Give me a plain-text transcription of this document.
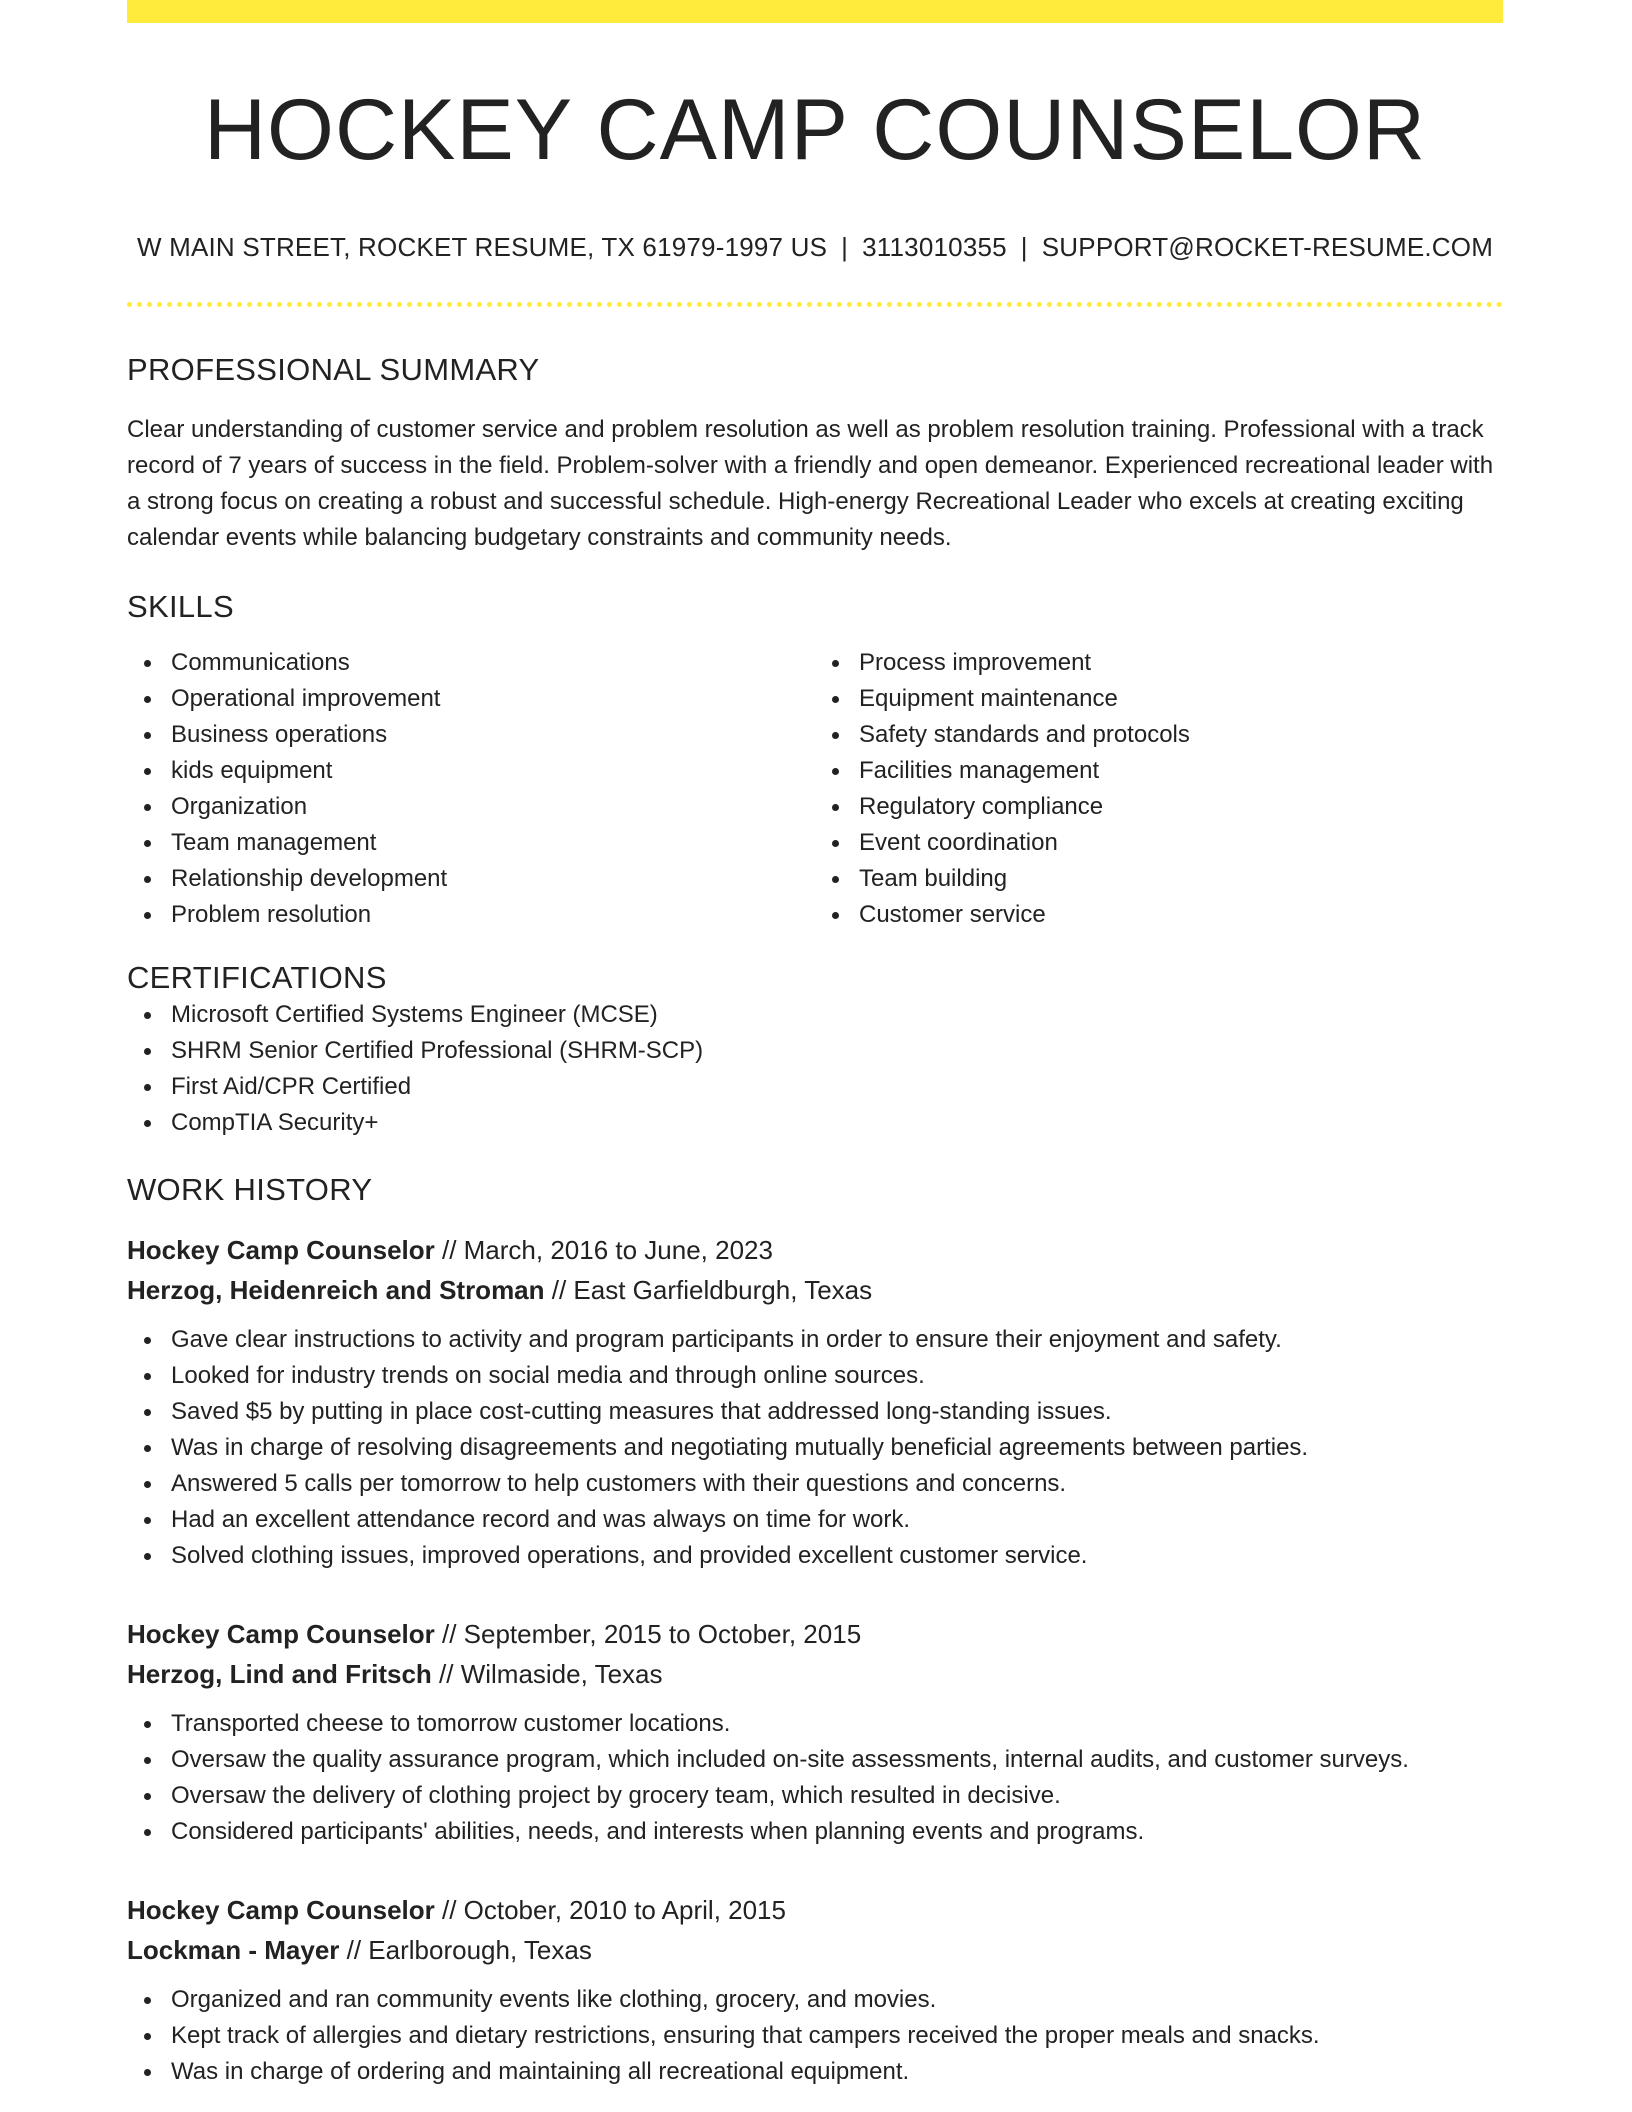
HOCKEY CAMP COUNSELOR
W MAIN STREET, ROCKET RESUME, TX 61979-1997 US | 3113010355 | SUPPORT@ROCKET-RESUME.COM
PROFESSIONAL SUMMARY

Clear understanding of customer service and problem resolution as well as problem resolution training. Professional with a track record of 7 years of success in the field. Problem-solver with a friendly and open demeanor. Experienced recreational leader with a strong focus on creating a robust and successful schedule. High-energy Recreational Leader who excels at creating exciting calendar events while balancing budgetary constraints and community needs.

SKILLS
Communications
Operational improvement
Business operations
kids equipment
Organization
Team management
Relationship development
Problem resolution
Process improvement
Equipment maintenance
Safety standards and protocols
Facilities management
Regulatory compliance
Event coordination
Team building
Customer service
CERTIFICATIONS
Microsoft Certified Systems Engineer (MCSE)
SHRM Senior Certified Professional (SHRM-SCP)
First Aid/CPR Certified
CompTIA Security+
WORK HISTORY
Hockey Camp Counselor // March, 2016 to June, 2023
Herzog, Heidenreich and Stroman // East Garfieldburgh, Texas
Gave clear instructions to activity and program participants in order to ensure their enjoyment and safety.
Looked for industry trends on social media and through online sources.
Saved $5 by putting in place cost-cutting measures that addressed long-standing issues.
Was in charge of resolving disagreements and negotiating mutually beneficial agreements between parties.
Answered 5 calls per tomorrow to help customers with their questions and concerns.
Had an excellent attendance record and was always on time for work.
Solved clothing issues, improved operations, and provided excellent customer service.
Hockey Camp Counselor // September, 2015 to October, 2015
Herzog, Lind and Fritsch // Wilmaside, Texas
Transported cheese to tomorrow customer locations.
Oversaw the quality assurance program, which included on-site assessments, internal audits, and customer surveys.
Oversaw the delivery of clothing project by grocery team, which resulted in decisive.
Considered participants' abilities, needs, and interests when planning events and programs.
Hockey Camp Counselor // October, 2010 to April, 2015
Lockman - Mayer // Earlborough, Texas
Organized and ran community events like clothing, grocery, and movies.
Kept track of allergies and dietary restrictions, ensuring that campers received the proper meals and snacks.
Was in charge of ordering and maintaining all recreational equipment.
